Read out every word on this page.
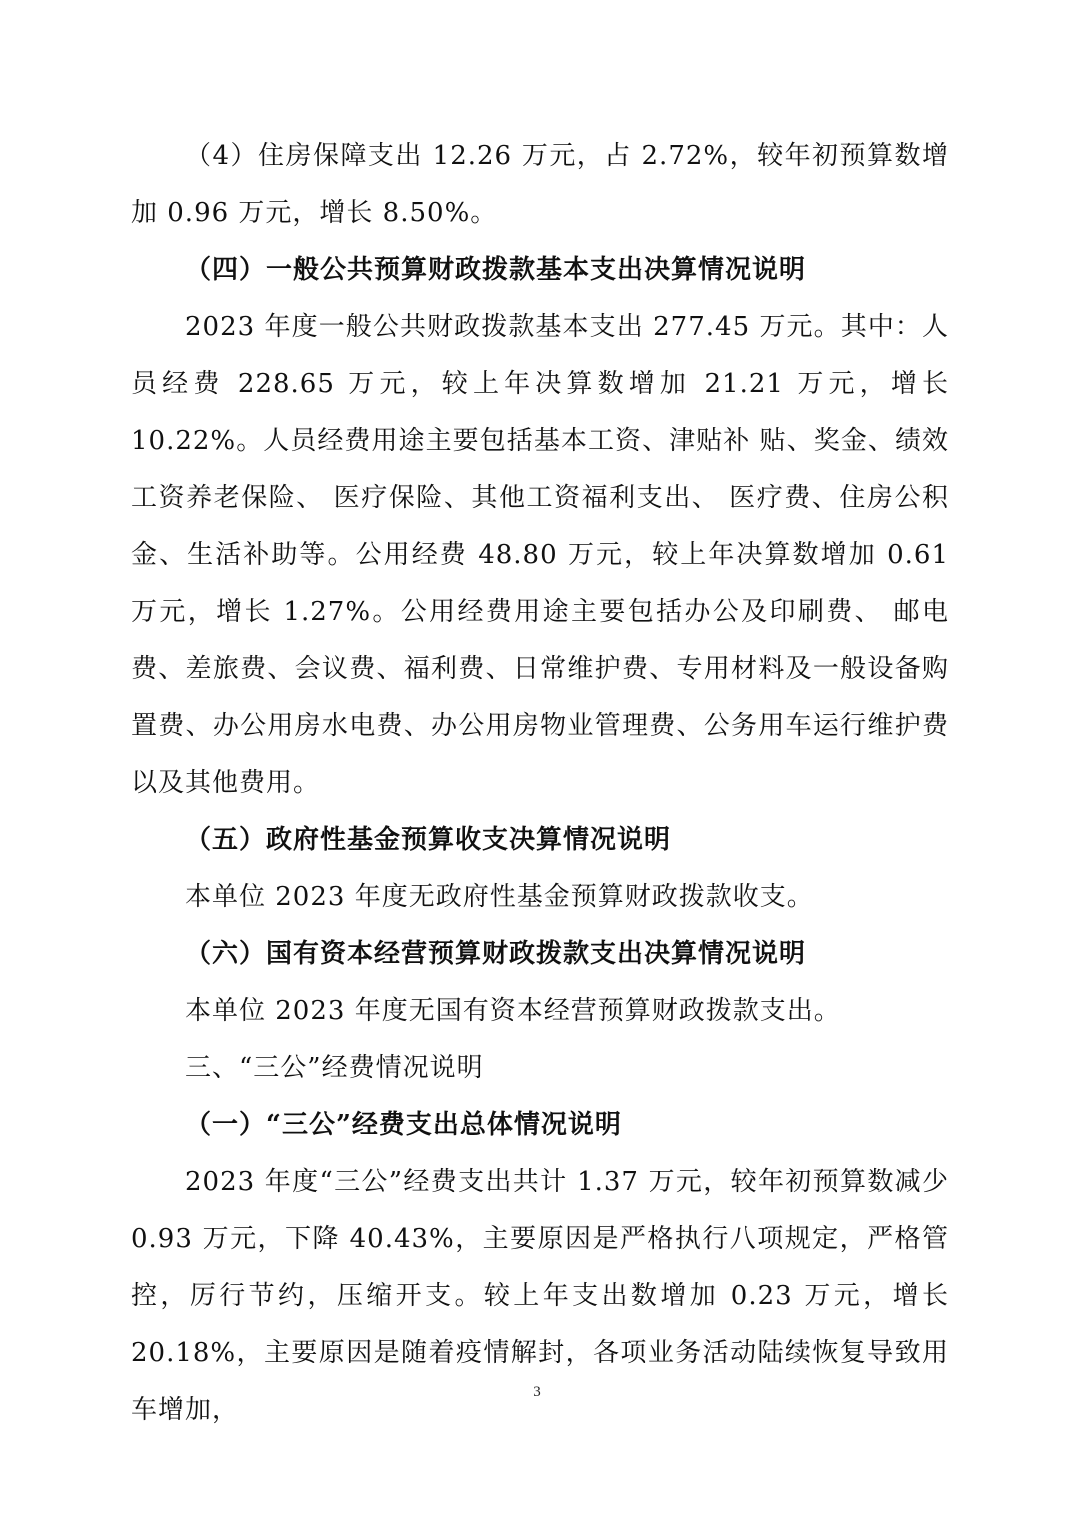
（4）住房保障支出 12.26 万元，占 2.72%，较年初预算数增加 0.96 万元，增长 8.50%。

（四）一般公共预算财政拨款基本支出决算情况说明

2023 年度一般公共财政拨款基本支出 277.45 万元。其中：人员经费 228.65 万元，较上年决算数增加 21.21 万元，增长 10.22%。人员经费用途主要包括基本工资、津贴补 贴、奖金、绩效工资养老保险、 医疗保险、其他工资福利支出、 医疗费、住房公积金、生活补助等。公用经费 48.80 万元，较上年决算数增加 0.61 万元，增长 1.27%。公用经费用途主要包括办公及印刷费、 邮电费、差旅费、会议费、福利费、日常维护费、专用材料及一般设备购置费、办公用房水电费、办公用房物业管理费、公务用车运行维护费以及其他费用。

（五）政府性基金预算收支决算情况说明

本单位 2023 年度无政府性基金预算财政拨款收支。

（六）国有资本经营预算财政拨款支出决算情况说明

本单位 2023 年度无国有资本经营预算财政拨款支出。

三、“三公”经费情况说明

（一）“三公”经费支出总体情况说明

2023 年度“三公”经费支出共计 1.37 万元，较年初预算数减少 0.93 万元，下降 40.43%，主要原因是严格执行八项规定，严格管控，厉行节约，压缩开支。较上年支出数增加 0.23 万元，增长 20.18%，主要原因是随着疫情解封，各项业务活动陆续恢复导致用车增加，

3
